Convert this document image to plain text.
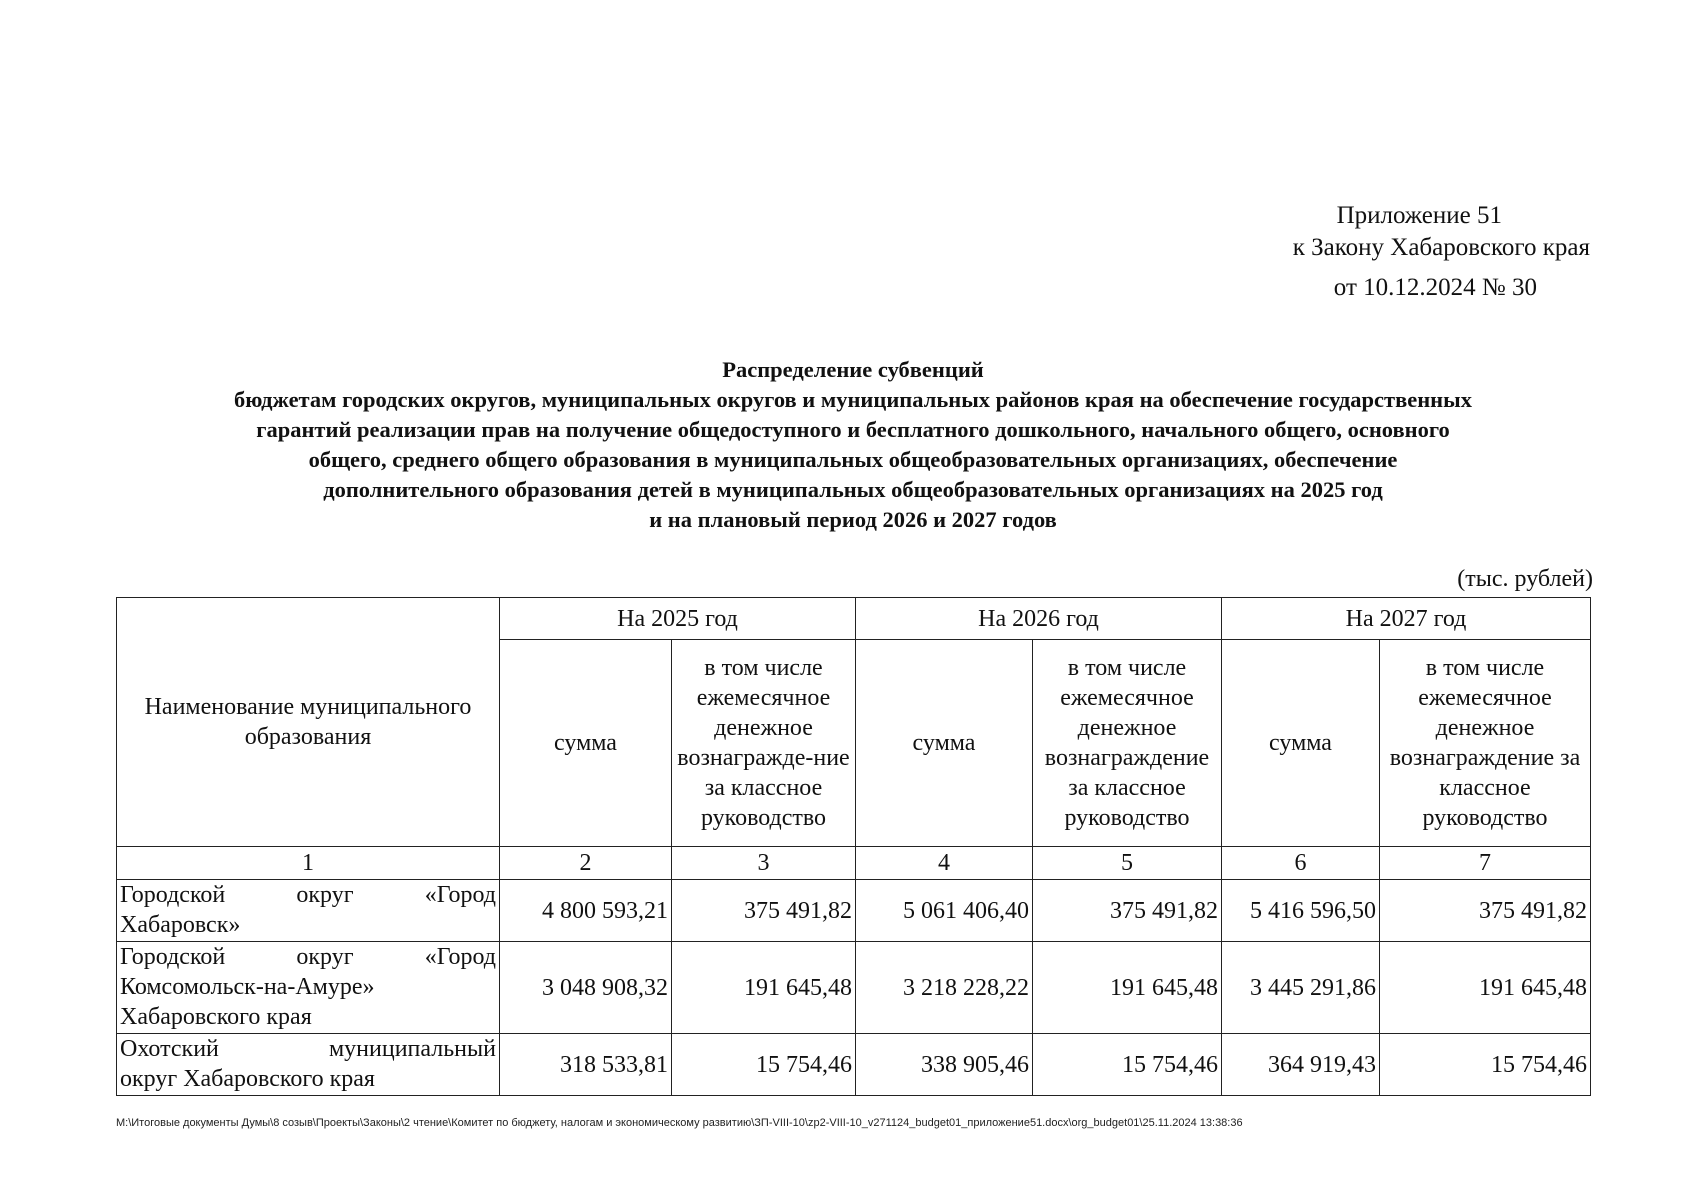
Приложение 51
к Закону Хабаровского края
от 10.12.2024 № 30
Распределение субвенций
бюджетам городских округов, муниципальных округов и муниципальных районов края на обеспечение государственных
гарантий реализации прав на получение общедоступного и бесплатного дошкольного, начального общего, основного
общего, среднего общего образования в муниципальных общеобразовательных организациях, обеспечение
дополнительного образования детей в муниципальных общеобразовательных организациях на 2025 год
и на плановый период 2026 и 2027 годов
(тыс. рублей)
Наименование муниципального образования	На 2025 год		На 2026 год		На 2027 год	
	сумма	в том числе ежемесячное денежное вознагражде-ние за классное руководство	сумма	в том числе ежемесячное денежное вознаграждение за классное руководство	сумма	в том числе ежемесячное денежное вознаграждение за классное руководство
1	2	3	4	5	6	7

Городской округ «Город
Хабаровск»	4 800 593,21	375 491,82	5 061 406,40	375 491,82	5 416 596,50	375 491,82

Городской округ «Город
Комсомольск-на-Амуре»
Хабаровского края	3 048 908,32	191 645,48	3 218 228,22	191 645,48	3 445 291,86	191 645,48

Охотский муниципальный
округ Хабаровского края	318 533,81	15 754,46	338 905,46	15 754,46	364 919,43	15 754,46
M:\Итоговые документы Думы\8 созыв\Проекты\Законы\2 чтение\Комитет по бюджету, налогам и экономическому развитию\ЗП-VIII-10\zp2-VIII-10_v271124_budget01_приложение51.docx\org_budget01\25.11.2024 13:38:36
